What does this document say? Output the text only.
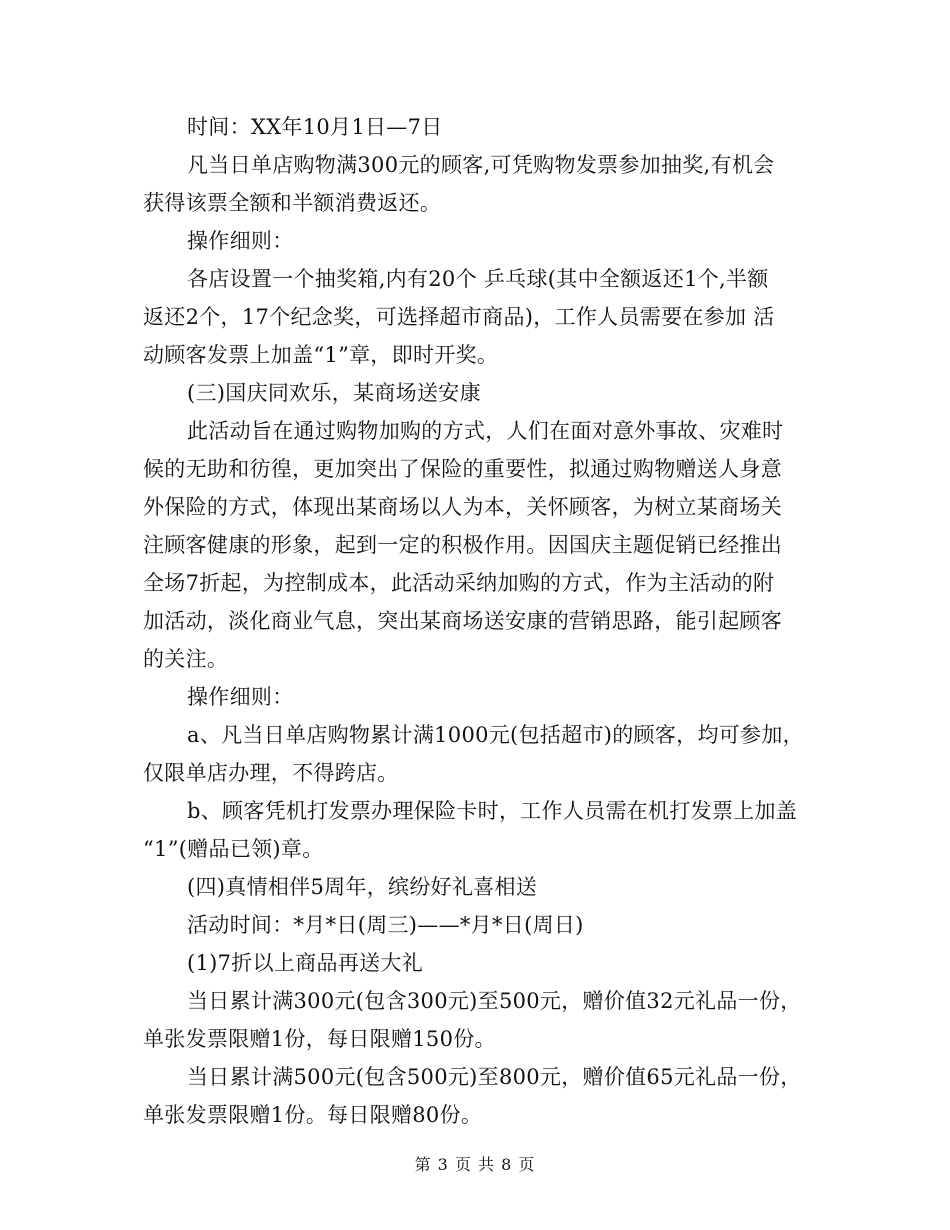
时间：XX年10月1日—7日
凡当日单店购物满300元的顾客,可凭购物发票参加抽奖,有机会
获得该票全额和半额消费返还。
操作细则：
各店设置一个抽奖箱,内有20个 乒乓球(其中全额返还1个,半额
返还2个，17个纪念奖，可选择超市商品)，工作人员需要在参加 活
动顾客发票上加盖“1”章，即时开奖。
(三)国庆同欢乐，某商场送安康
此活动旨在通过购物加购的方式，人们在面对意外事故、灾难时
候的无助和彷徨，更加突出了保险的重要性，拟通过购物赠送人身意
外保险的方式，体现出某商场以人为本，关怀顾客，为树立某商场关
注顾客健康的形象，起到一定的积极作用。因国庆主题促销已经推出
全场7折起，为控制成本，此活动采纳加购的方式，作为主活动的附
加活动，淡化商业气息，突出某商场送安康的营销思路，能引起顾客
的关注。
操作细则：
a、凡当日单店购物累计满1000元(包括超市)的顾客，均可参加，
仅限单店办理，不得跨店。
b、顾客凭机打发票办理保险卡时，工作人员需在机打发票上加盖
“1”(赠品已领)章。
(四)真情相伴5周年，缤纷好礼喜相送
活动时间：*月*日(周三)——*月*日(周日)
(1)7折以上商品再送大礼
当日累计满300元(包含300元)至500元，赠价值32元礼品一份，
单张发票限赠1份，每日限赠150份。
当日累计满500元(包含500元)至800元，赠价值65元礼品一份，
单张发票限赠1份。每日限赠80份。
第 3 页 共 8 页
